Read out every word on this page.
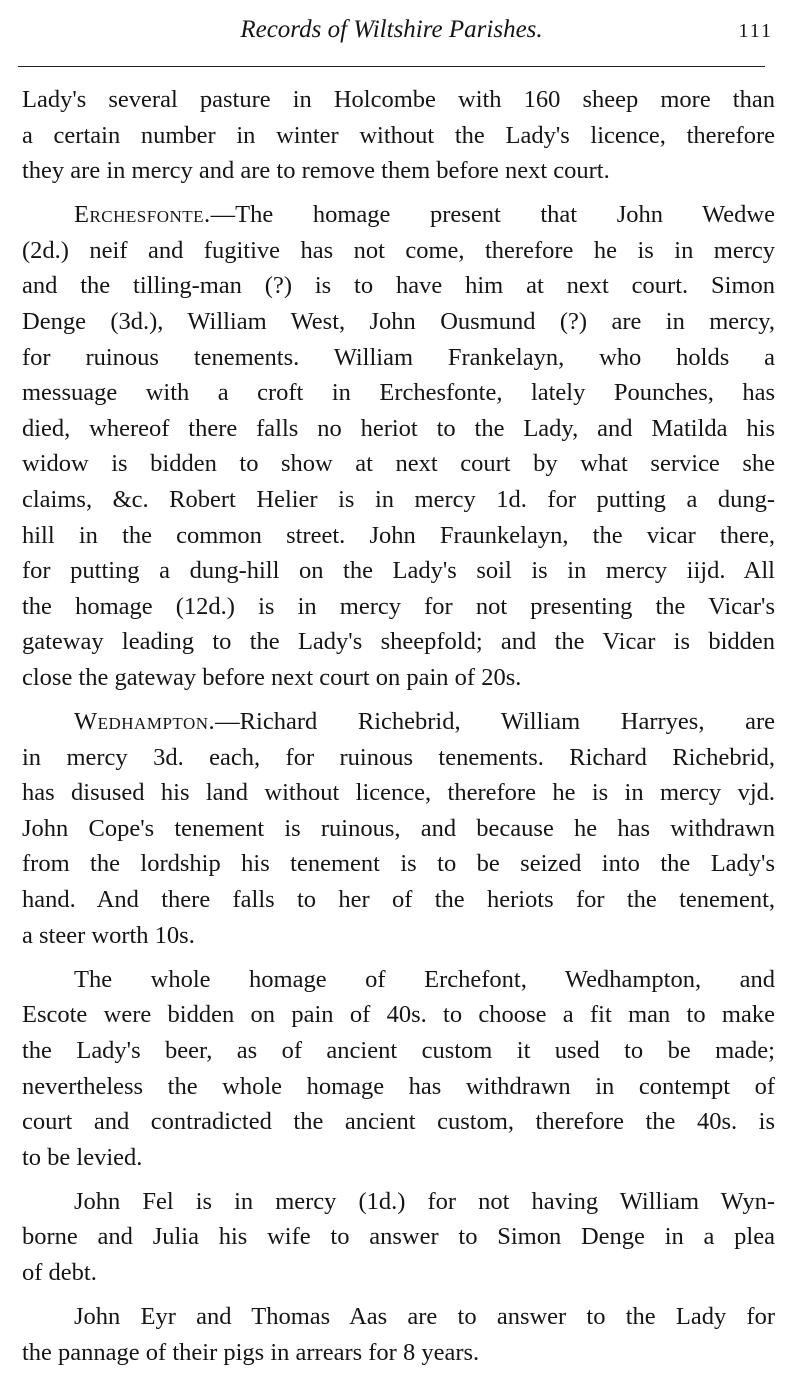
Records of Wiltshire Parishes.	111
Lady's several pasture in Holcombe with 160 sheep more than
a certain number in winter without the Lady's licence, therefore
they are in mercy and are to remove them before next court.
Erchesfonte.—The homage present that John Wedwe
(2d.) neif and fugitive has not come, therefore he is in mercy
and the tilling-man (?) is to have him at next court. Simon
Denge (3d.), William West, John Ousmund (?) are in mercy,
for ruinous tenements. William Frankelayn, who holds a
messuage with a croft in Erchesfonte, lately Pounches, has
died, whereof there falls no heriot to the Lady, and Matilda his
widow is bidden to show at next court by what service she
claims, &c. Robert Helier is in mercy 1d. for putting a dung-
hill in the common street. John Fraunkelayn, the vicar there,
for putting a dung-hill on the Lady's soil is in mercy iijd. All
the homage (12d.) is in mercy for not presenting the Vicar's
gateway leading to the Lady's sheepfold; and the Vicar is bidden
close the gateway before next court on pain of 20s.
Wedhampton.—Richard Richebrid, William Harryes, are
in mercy 3d. each, for ruinous tenements. Richard Richebrid,
has disused his land without licence, therefore he is in mercy vjd.
John Cope's tenement is ruinous, and because he has withdrawn
from the lordship his tenement is to be seized into the Lady's
hand. And there falls to her of the heriots for the tenement,
a steer worth 10s.
The whole homage of Erchefont, Wedhampton, and
Escote were bidden on pain of 40s. to choose a fit man to make
the Lady's beer, as of ancient custom it used to be made;
nevertheless the whole homage has withdrawn in contempt of
court and contradicted the ancient custom, therefore the 40s. is
to be levied.
John Fel is in mercy (1d.) for not having William Wyn-
borne and Julia his wife to answer to Simon Denge in a plea
of debt.
John Eyr and Thomas Aas are to answer to the Lady for
the pannage of their pigs in arrears for 8 years.
